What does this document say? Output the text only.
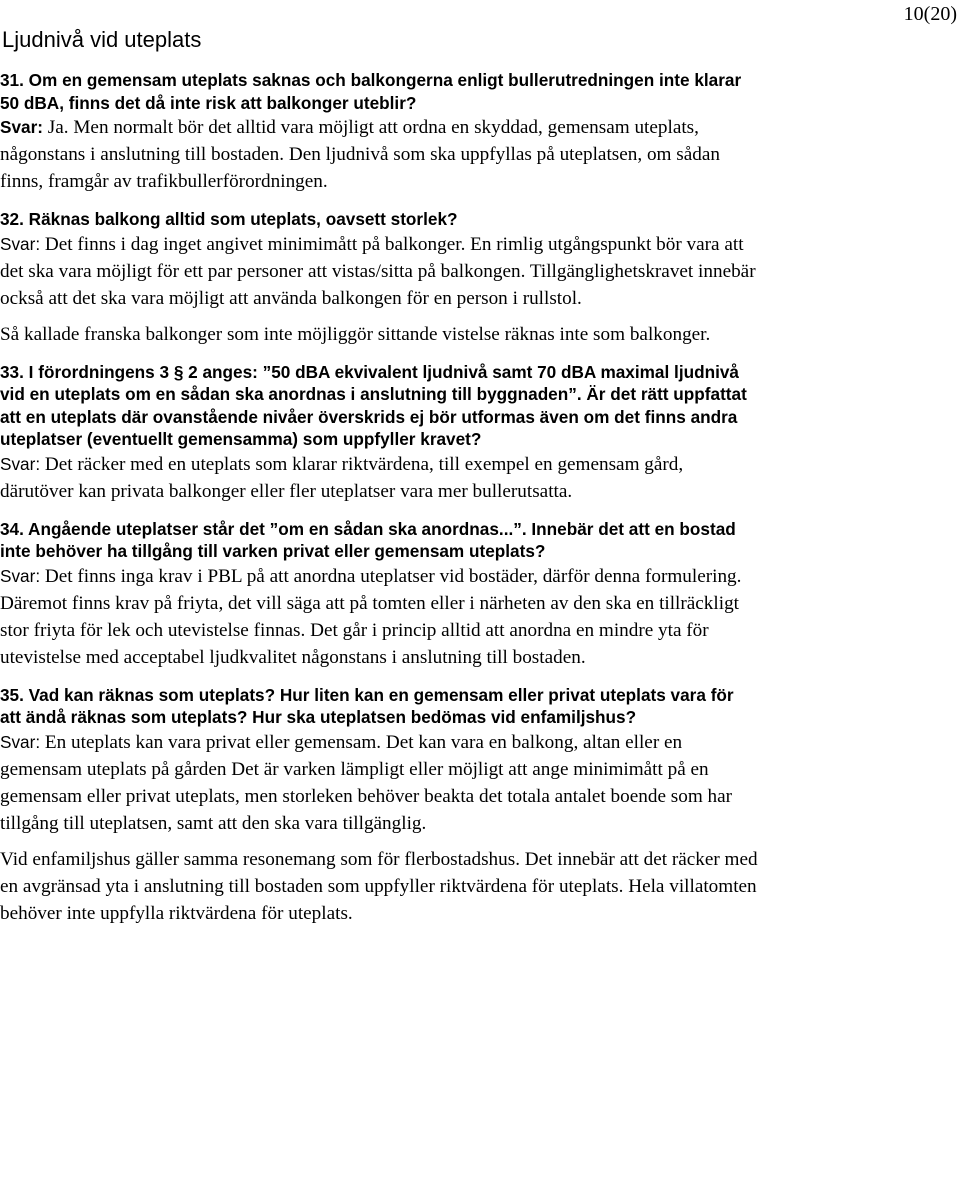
Ljudnivå vid uteplats
10(20)

31. Om en gemensam uteplats saknas och balkongerna enligt bullerutredningen inte klarar 50 dBA, finns det då inte risk att balkonger uteblir?

Svar: Ja. Men normalt bör det alltid vara möjligt att ordna en skyddad, gemensam uteplats, någonstans i anslutning till bostaden. Den ljudnivå som ska uppfyllas på uteplatsen, om sådan finns, framgår av trafikbullerförordningen.

32. Räknas balkong alltid som uteplats, oavsett storlek?

Svar: Det finns i dag inget angivet minimimått på balkonger. En rimlig utgångspunkt bör vara att det ska vara möjligt för ett par personer att vistas/sitta på balkongen. Tillgänglighetskravet innebär också att det ska vara möjligt att använda balkongen för en person i rullstol.

Så kallade franska balkonger som inte möjliggör sittande vistelse räknas inte som balkonger.

33. I förordningens 3 § 2 anges: ”50 dBA ekvivalent ljudnivå samt 70 dBA maximal ljudnivå vid en uteplats om en sådan ska anordnas i anslutning till byggnaden”. Är det rätt uppfattat att en uteplats där ovanstående nivåer överskrids ej bör utformas även om det finns andra uteplatser (eventuellt gemensamma) som uppfyller kravet?

Svar: Det räcker med en uteplats som klarar riktvärdena, till exempel en gemensam gård, därutöver kan privata balkonger eller fler uteplatser vara mer bullerutsatta.

34. Angående uteplatser står det ”om en sådan ska anordnas...”. Innebär det att en bostad inte behöver ha tillgång till varken privat eller gemensam uteplats?

Svar: Det finns inga krav i PBL på att anordna uteplatser vid bostäder, därför denna formulering. Däremot finns krav på friyta, det vill säga att på tomten eller i närheten av den ska en tillräckligt stor friyta för lek och utevistelse finnas. Det går i princip alltid att anordna en mindre yta för utevistelse med acceptabel ljudkvalitet någonstans i anslutning till bostaden.

35. Vad kan räknas som uteplats? Hur liten kan en gemensam eller privat uteplats vara för att ändå räknas som uteplats? Hur ska uteplatsen bedömas vid enfamiljshus?

Svar: En uteplats kan vara privat eller gemensam. Det kan vara en balkong, altan eller en gemensam uteplats på gården Det är varken lämpligt eller möjligt att ange minimimått på en gemensam eller privat uteplats, men storleken behöver beakta det totala antalet boende som har tillgång till uteplatsen, samt att den ska vara tillgänglig.

Vid enfamiljshus gäller samma resonemang som för flerbostadshus. Det innebär att det räcker med en avgränsad yta i anslutning till bostaden som uppfyller riktvärdena för uteplats. Hela villatomten behöver inte uppfylla riktvärdena för uteplats.
